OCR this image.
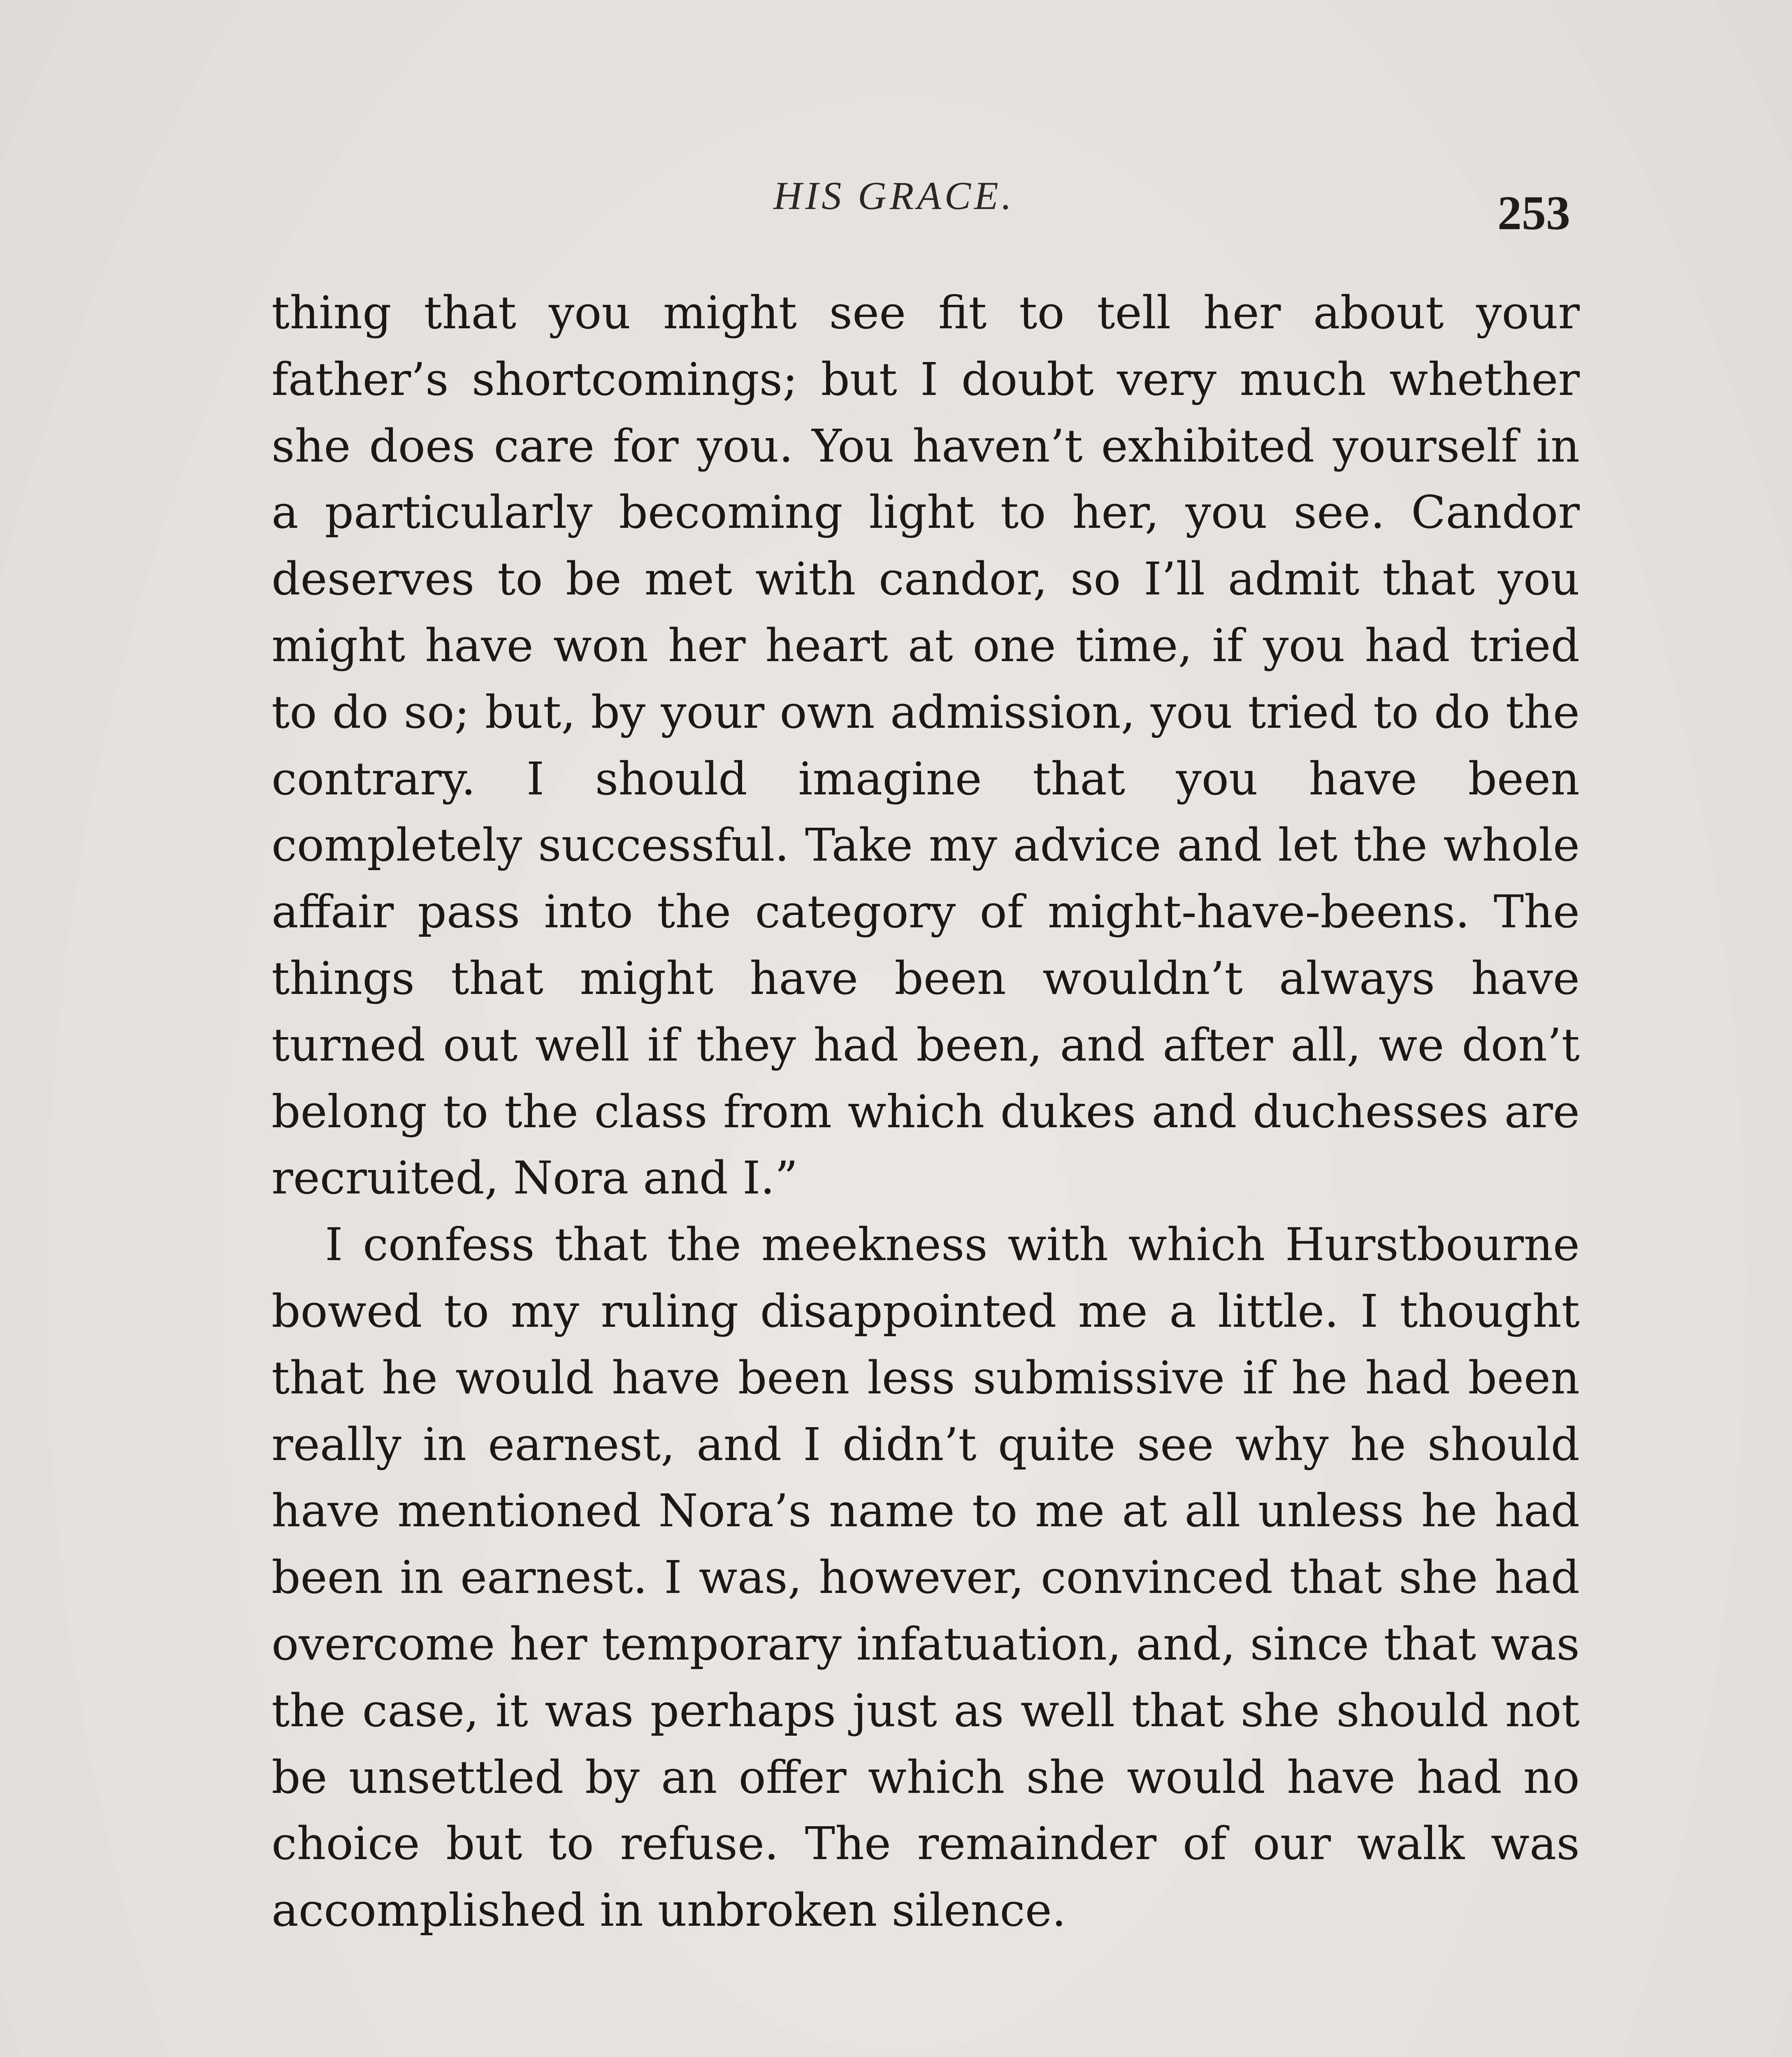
HIS GRACE.	253

thing that you might see fit to tell her about your father’s shortcomings; but I doubt very much whether she does care for you. You haven’t exhibited yourself in a particularly becoming light to her, you see. Candor deserves to be met with candor, so I’ll admit that you might have won her heart at one time, if you had tried to do so; but, by your own admission, you tried to do the contrary. I should imagine that you have been completely successful. Take my advice and let the whole affair pass into the category of might-have-beens. The things that might have been wouldn’t always have turned out well if they had been, and after all, we don’t belong to the class from which dukes and duchesses are recruited, Nora and I.”

I confess that the meekness with which Hurstbourne bowed to my ruling disappointed me a little. I thought that he would have been less submissive if he had been really in earnest, and I didn’t quite see why he should have mentioned Nora’s name to me at all unless he had been in earnest. I was, however, convinced that she had overcome her temporary infatuation, and, since that was the case, it was perhaps just as well that she should not be unsettled by an offer which she would have had no choice but to refuse. The remainder of our walk was accomplished in unbroken silence.
